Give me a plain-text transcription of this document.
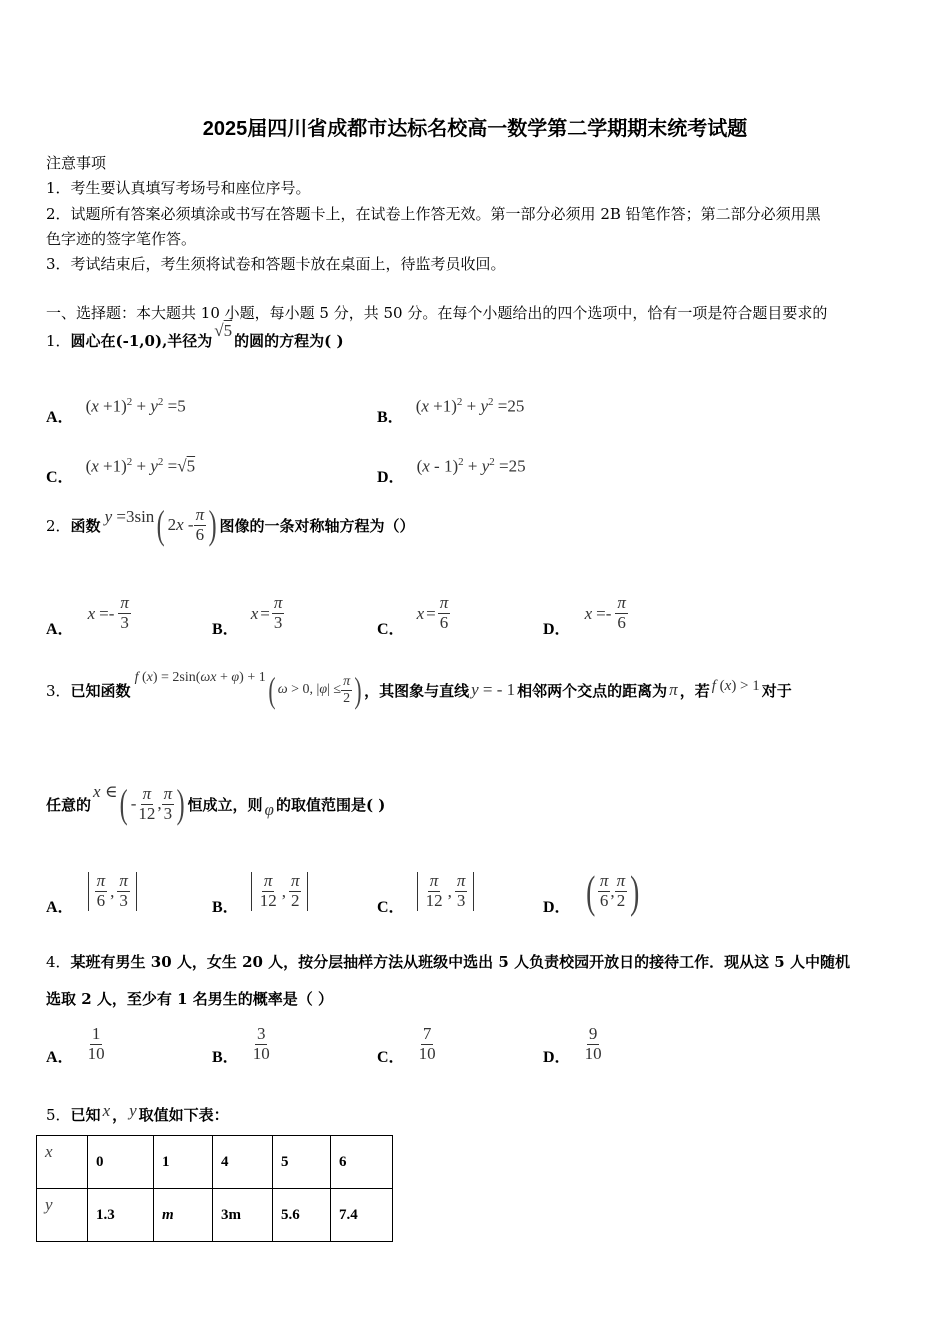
2025届四川省成都市达标名校高一数学第二学期期末统考试题
注意事项
1．考生要认真填写考场号和座位序号。
2．试题所有答案必须填涂或书写在答题卡上，在试卷上作答无效。第一部分必须用 2B 铅笔作答；第二部分必须用黑
色字迹的签字笔作答。
3．考试结束后，考生须将试卷和答题卡放在桌面上，待监考员收回。
一、选择题：本大题共 10 小题，每小题 5 分，共 50 分。在每个小题给出的四个选项中，恰有一项是符合题目要求的
1． 圆心在(-1,0),半径为
√5
的圆的方程为( )
A．
$(x +1)^2 + y^2 =5$
B．
$(x +1)^2 + y^2 =25$
C．
$(x +1)^2 + y^2 =√5$
D．
$(x - 1)^2 + y^2 =25$
2． 函数 y =3sin ( $2x - \frac{\pi}{6}$ ) 图像的一条对称轴方程为（）
A．
$x =- \frac{\pi}{3}$	B．
$x = \frac{\pi}{3}$	C．
$x = \frac{\pi}{6}$	D．
$x =- \frac{\pi}{6}$
3． 已知函数
f (x) = 2sin(ωx + φ) + 1 ( ω > 0, $|\varphi| \le \frac{\pi}{2}$ ) ，其图象与直线 y = - 1 相邻两个交点的距离为 π ，若 f (x) > 1 对于
任意的
x ∈ ( - $\frac{\pi}{12}$ , $\frac{\pi}{3}$ ) 恒成立，则 φ 的取值范围是( )
A． $\frac{\pi}{6}$ , $\frac{\pi}{3}$	B． $\frac{\pi}{12}$ , $\frac{\pi}{2}$	C． $\frac{\pi}{12}$ , $\frac{\pi}{3}$	D． ( $\frac{\pi}{6}$ , $\frac{\pi}{2}$ )
4．某班有男生 30 人，女生 20 人，按分层抽样方法从班级中选出 5 人负责校园开放日的接待工作．现从这 5 人中随机
选取 2 人，至少有 1 名男生的概率是（ ）
A． $\frac{1}{10}$	B． $\frac{3}{10}$	C． $\frac{7}{10}$	D． $\frac{9}{10}$
5． 已知 x ， y 取值如下表：
x	0	1	4	5	6
y	1.3	m	3m	5.6	7.4
